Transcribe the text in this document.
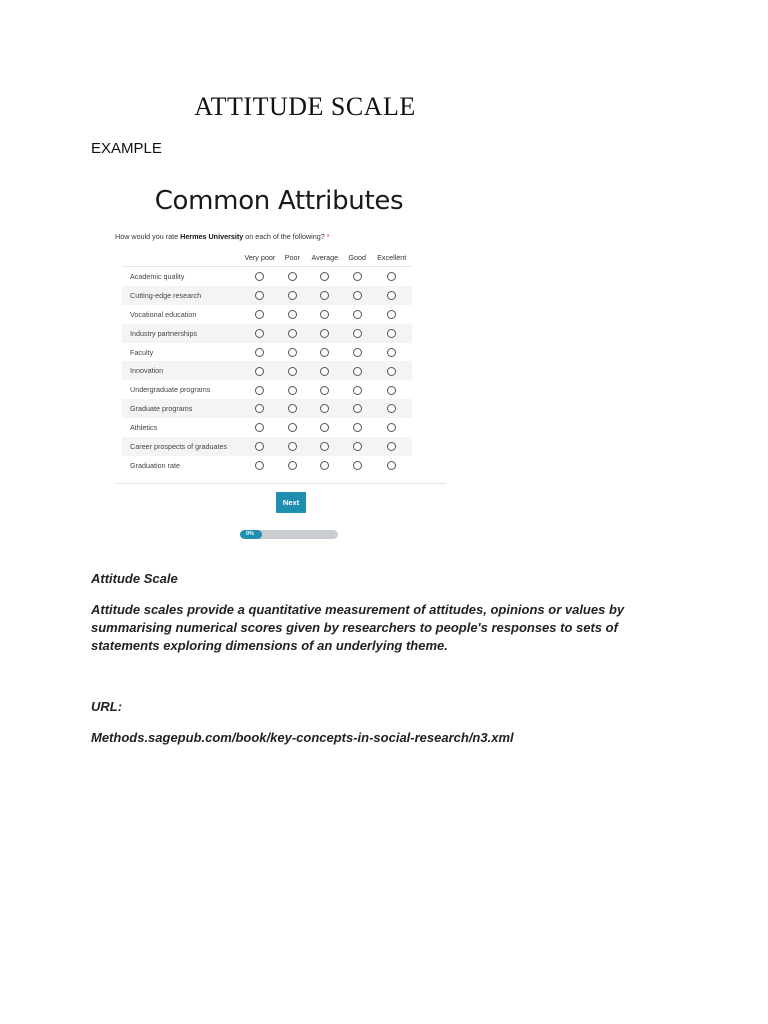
ATTITUDE SCALE
EXAMPLE
Common Attributes
How would you rate Hermes University on each of the following? *
	Very poor	Poor	Average	Good	Excellent
Academic quality					
Cutting-edge research					
Vocational education					
Industry partnerships					
Faculty					
Innovation					
Undergraduate programs					
Graduate programs					
Athletics					
Career prospects of graduates					
Graduation rate					
Next
0%
Attitude Scale
Attitude scales provide a quantitative measurement of attitudes, opinions or values by
summarising numerical scores given by researchers to people's responses to sets of
statements exploring dimensions of an underlying theme.
URL:
Methods.sagepub.com/book/key-concepts-in-social-research/n3.xml
